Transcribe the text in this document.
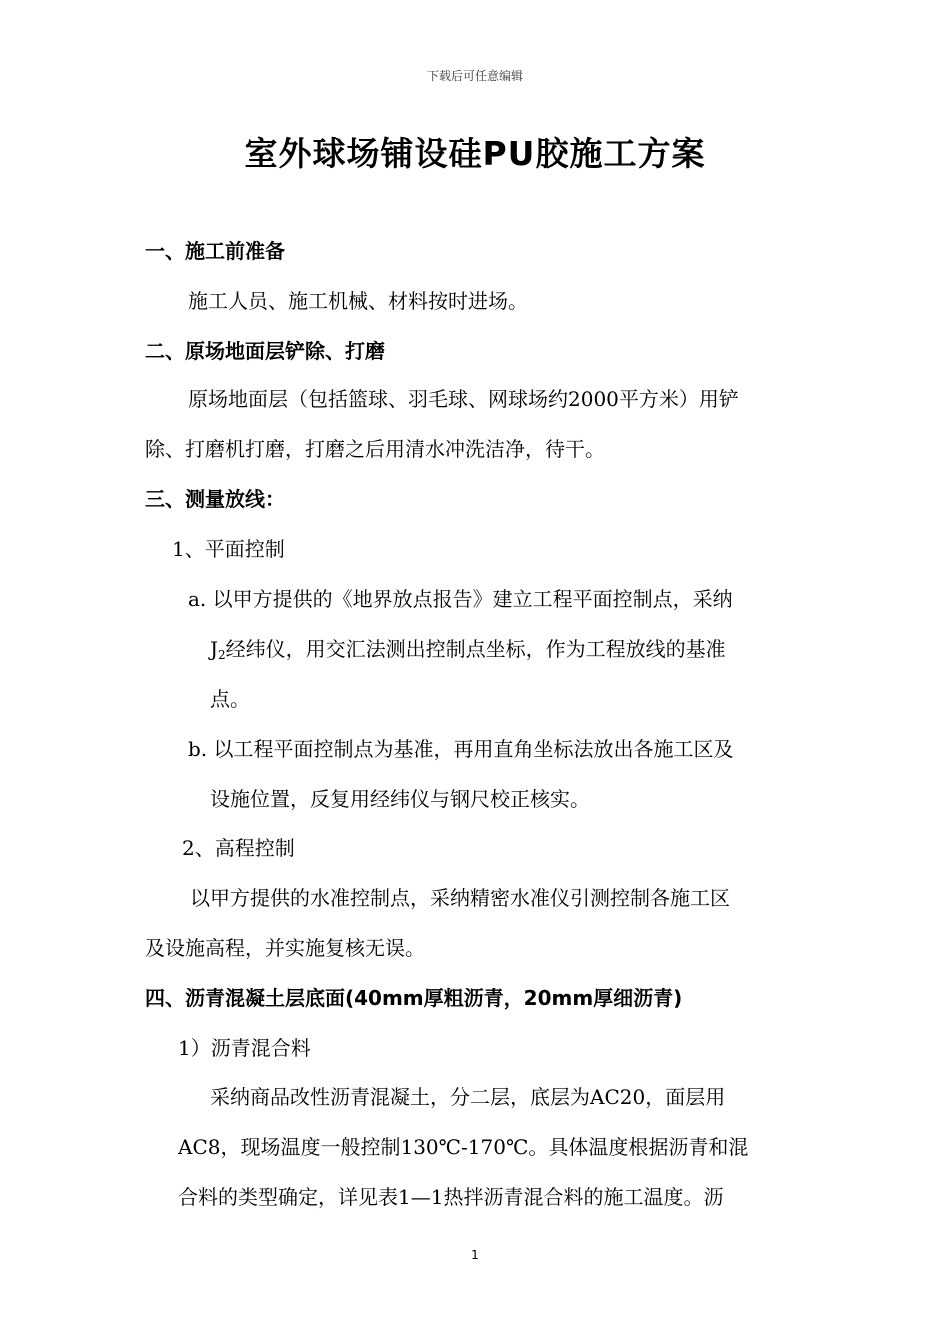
下载后可任意编辑
室外球场铺设硅PU胶施工方案
一、施工前准备
施工人员、施工机械、材料按时进场。
二、原场地面层铲除、打磨
原场地面层（包括篮球、羽毛球、网球场约2000平方米）用铲
除、打磨机打磨，打磨之后用清水冲洗洁净，待干。
三、测量放线：
1、平面控制
a. 以甲方提供的《地界放点报告》建立工程平面控制点，采纳
$J_2$经纬仪，用交汇法测出控制点坐标，作为工程放线的基准
点。
b. 以工程平面控制点为基准，再用直角坐标法放出各施工区及
设施位置，反复用经纬仪与钢尺校正核实。
2、高程控制
以甲方提供的水准控制点，采纳精密水准仪引测控制各施工区
及设施高程，并实施复核无误。
四、沥青混凝土层底面(40mm厚粗沥青，20mm厚细沥青)
1）沥青混合料
采纳商品改性沥青混凝土，分二层，底层为AC20，面层用
AC8，现场温度一般控制130℃-170℃。具体温度根据沥青和混
合料的类型确定，详见表1—1热拌沥青混合料的施工温度。沥
1
